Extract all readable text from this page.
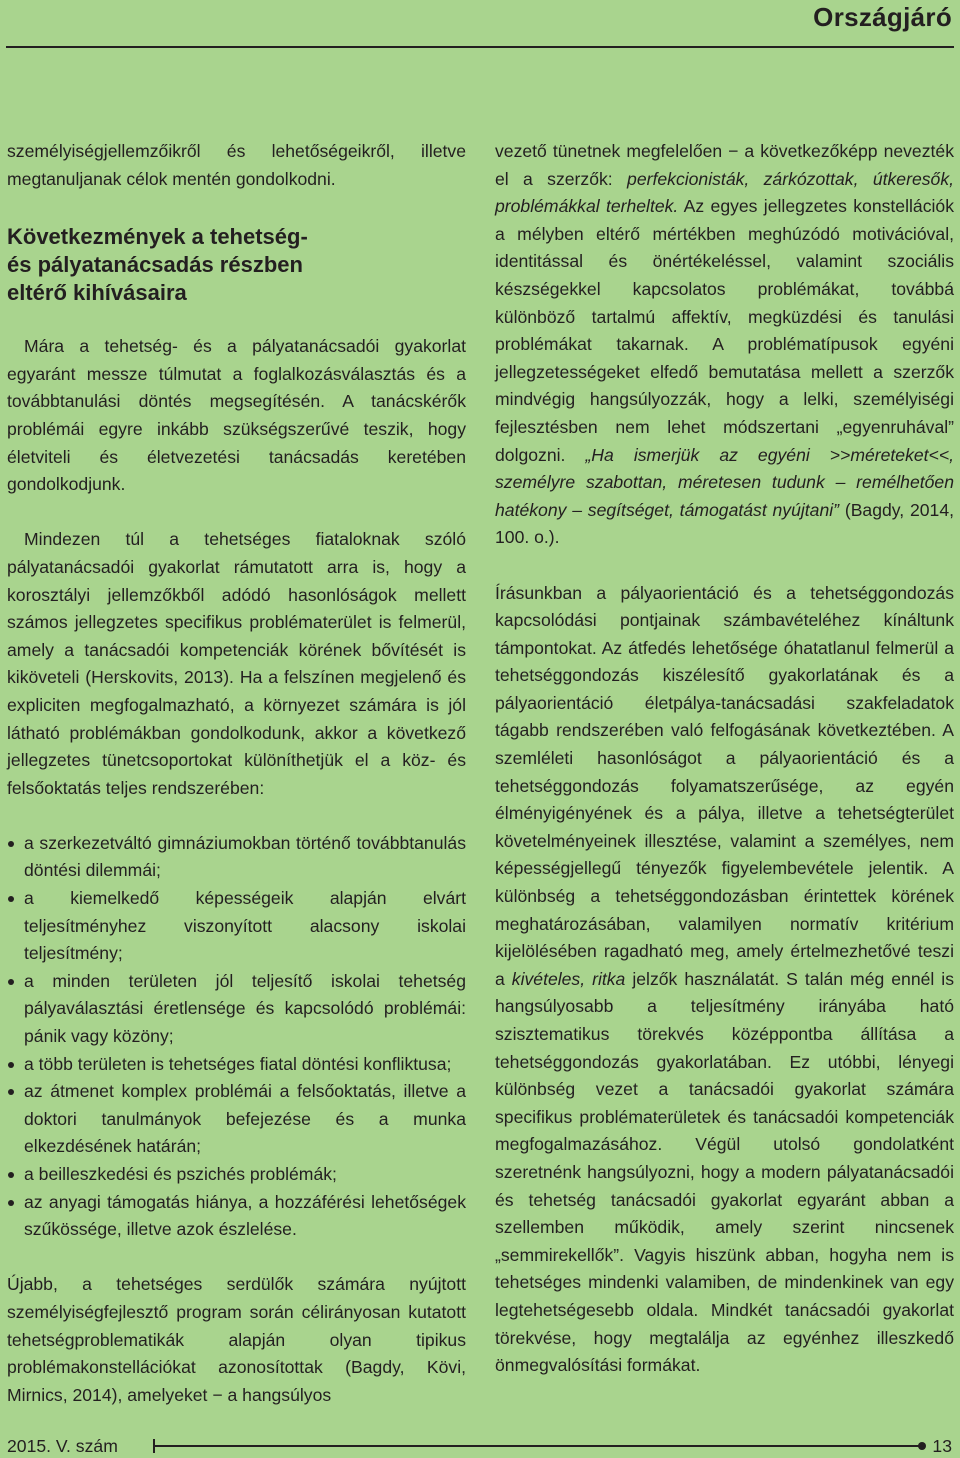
Országjáró

személyiségjellemzőikről és lehetőségeikről, illetve megtanuljanak célok mentén gondolkodni.

Következmények a tehetség-
és pályatanácsadás részben
eltérő kihívásaira

Mára a tehetség- és a pályatanácsadói gyakorlat egyaránt messze túlmutat a foglalkozásválasztás és a továbbtanulási döntés megsegítésén. A tanácskérők problémái egyre inkább szükségszerűvé teszik, hogy életviteli és életvezetési tanácsadás keretében gondolkodjunk.

Mindezen túl a tehetséges fiataloknak szóló pályatanácsadói gyakorlat rámutatott arra is, hogy a korosztályi jellemzőkből adódó hasonlóságok mellett számos jellegzetes specifikus problématerület is felmerül, amely a tanácsadói kompetenciák körének bővítését is kiköveteli (Herskovits, 2013). Ha a felszínen megjelenő és expliciten megfogalmazható, a környezet számára is jól látható problémákban gondolkodunk, akkor a következő jellegzetes tünetcsoportokat különíthetjük el a köz- és felsőoktatás teljes rendszerében:

a szerkezetváltó gimnáziumokban történő továbbtanulás döntési dilemmái;
a kiemelkedő képességeik alapján elvárt teljesítményhez viszonyított alacsony iskolai teljesítmény;
a minden területen jól teljesítő iskolai tehetség pályaválasztási éretlensége és kapcsolódó problémái: pánik vagy közöny;
a több területen is tehetséges fiatal döntési konfliktusa;
az átmenet komplex problémái a felsőoktatás, illetve a doktori tanulmányok befejezése és a munka elkezdésének határán;
a beilleszkedési és pszichés problémák;
az anyagi támogatás hiánya, a hozzáférési lehetőségek szűkössége, illetve azok észlelése.

Újabb, a tehetséges serdülők számára nyújtott személyiségfejlesztő program során célirányosan kutatott tehetségproblematikák alapján olyan tipikus problémakonstellációkat azonosítottak (Bagdy, Kövi, Mirnics, 2014), amelyeket − a hangsúlyos

vezető tünetnek megfelelően − a következőképp nevezték el a szerzők: perfekcionisták, zárkózottak, útkeresők, problémákkal terheltek. Az egyes jellegzetes konstellációk a mélyben eltérő mértékben meghúzódó motivációval, identitással és önértékeléssel, valamint szociális készségekkel kapcsolatos problémákat, továbbá különböző tartalmú affektív, megküzdési és tanulási problémákat takarnak. A problématípusok egyéni jellegzetességeket elfedő bemutatása mellett a szerzők mindvégig hangsúlyozzák, hogy a lelki, személyiségi fejlesztésben nem lehet módszertani „egyenruhával” dolgozni. „Ha ismerjük az egyéni >>méreteket<<, személyre szabottan, méretesen tudunk – remélhetően hatékony – segítséget, támogatást nyújtani” (Bagdy, 2014, 100. o.).

Írásunkban a pályaorientáció és a tehetséggondozás kapcsolódási pontjainak számbavételéhez kínáltunk támpontokat. Az átfedés lehetősége óhatatlanul felmerül a tehetséggondozás kiszélesítő gyakorlatának és a pályaorientáció életpálya-tanácsadási szakfeladatok tágabb rendszerében való felfogásának következtében. A szemléleti hasonlóságot a pályaorientáció és a tehetséggondozás folyamatszerűsége, az egyén élményigényének és a pálya, illetve a tehetségterület követelményeinek illesztése, valamint a személyes, nem képességjellegű tényezők figyelembevétele jelentik. A különbség a tehetséggondozásban érintettek körének meghatározásában, valamilyen normatív kritérium kijelölésében ragadható meg, amely értelmezhetővé teszi a kivételes, ritka jelzők használatát. S talán még ennél is hangsúlyosabb a teljesítmény irányába ható szisztematikus törekvés középpontba állítása a tehetséggondozás gyakorlatában. Ez utóbbi, lényegi különbség vezet a tanácsadói gyakorlat számára specifikus problématerületek és tanácsadói kompetenciák megfogalmazásához. Végül utolsó gondolatként szeretnénk hangsúlyozni, hogy a modern pályatanácsadói és tehetség tanácsadói gyakorlat egyaránt abban a szellemben működik, amely szerint nincsenek „semmirekellők”. Vagyis hiszünk abban, hogyha nem is tehetséges mindenki valamiben, de mindenkinek van egy legtehetségesebb oldala. Mindkét tanácsadói gyakorlat törekvése, hogy megtalálja az egyénhez illeszkedő önmegvalósítási formákat.

2015. V. szám	13
